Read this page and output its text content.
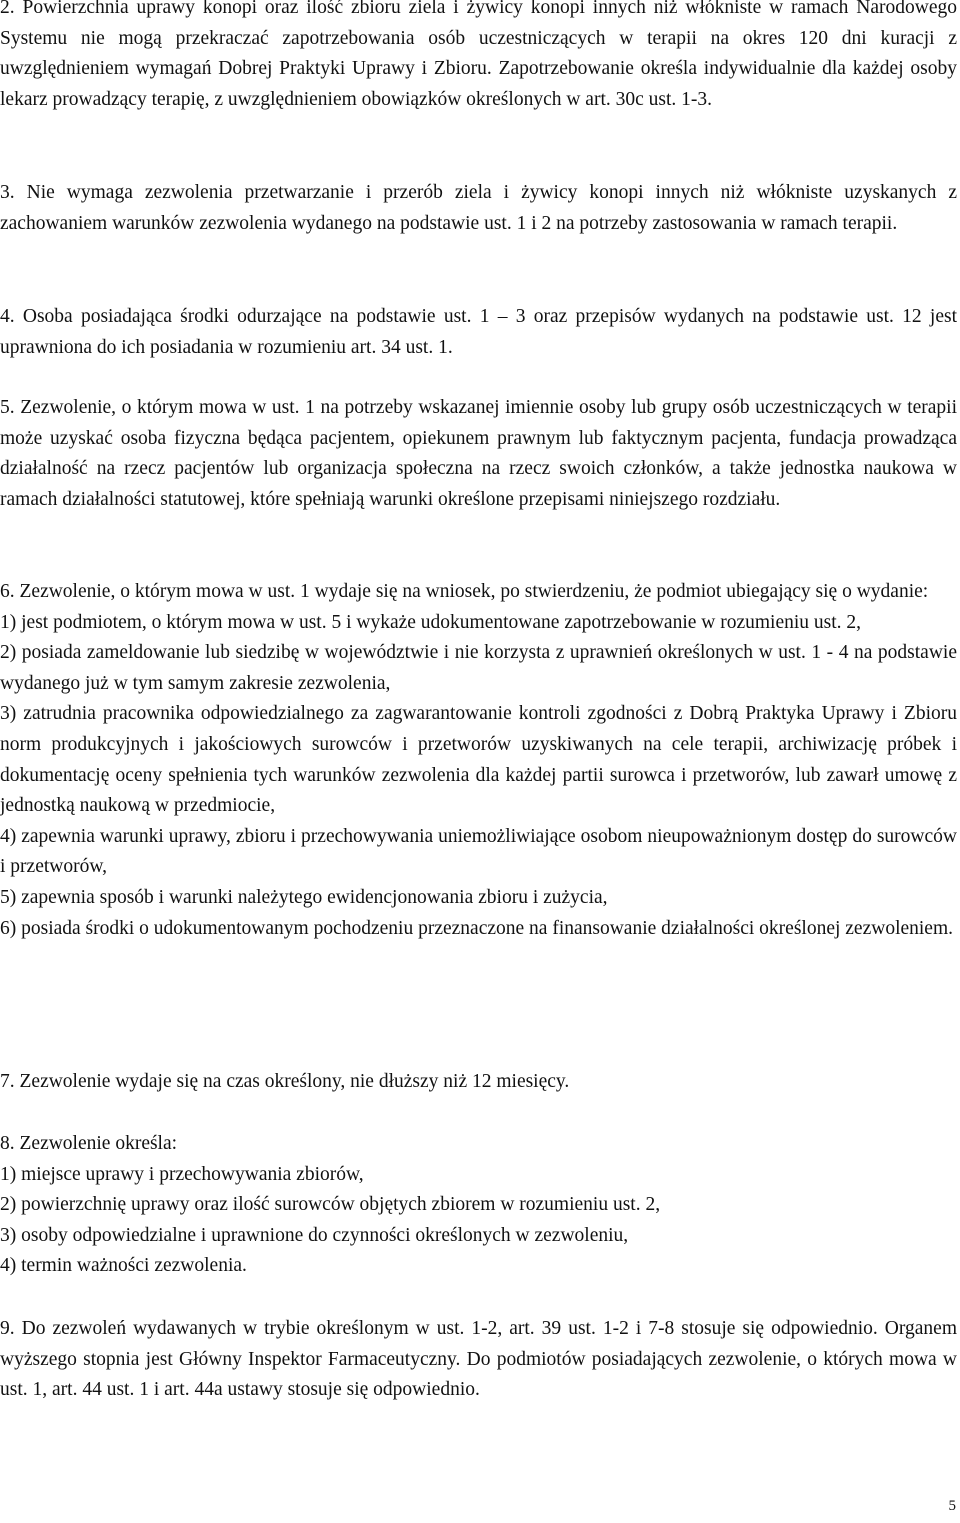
2. Powierzchnia uprawy konopi oraz ilość zbioru ziela i żywicy konopi innych niż włókniste w ramach Narodowego Systemu nie mogą przekraczać zapotrzebowania osób uczestniczących w terapii na okres 120 dni kuracji z uwzględnieniem wymagań Dobrej Praktyki Uprawy i Zbioru. Zapotrzebowanie określa indywidualnie dla każdej osoby lekarz prowadzący terapię, z uwzględnieniem obowiązków określonych w art. 30c ust. 1-3.

3. Nie wymaga zezwolenia przetwarzanie i przerób ziela i żywicy konopi innych niż włókniste uzyskanych z zachowaniem warunków zezwolenia wydanego na podstawie ust. 1 i 2 na potrzeby zastosowania w ramach terapii.

4. Osoba posiadająca środki odurzające na podstawie ust. 1 – 3 oraz przepisów wydanych na podstawie ust. 12 jest uprawniona do ich posiadania w rozumieniu art. 34 ust. 1.

5. Zezwolenie, o którym mowa w ust. 1 na potrzeby wskazanej imiennie osoby lub grupy osób uczestniczących w terapii może uzyskać osoba fizyczna będąca pacjentem, opiekunem prawnym lub faktycznym pacjenta, fundacja prowadząca działalność na rzecz pacjentów lub organizacja społeczna na rzecz swoich członków, a także jednostka naukowa w ramach działalności statutowej, które spełniają warunki określone przepisami niniejszego rozdziału.

6. Zezwolenie, o którym mowa w ust. 1 wydaje się na wniosek, po stwierdzeniu, że podmiot ubiegający się o wydanie:

1) jest podmiotem, o którym mowa w ust. 5 i wykaże udokumentowane zapotrzebowanie w rozumieniu ust. 2,

2) posiada zameldowanie lub siedzibę w województwie i nie korzysta z uprawnień określonych w ust. 1 - 4 na podstawie wydanego już w tym samym zakresie zezwolenia,

3) zatrudnia pracownika odpowiedzialnego za zagwarantowanie kontroli zgodności z Dobrą Praktyka Uprawy i Zbioru norm produkcyjnych i jakościowych surowców i przetworów uzyskiwanych na cele terapii, archiwizację próbek i dokumentację oceny spełnienia tych warunków zezwolenia dla każdej partii surowca i przetworów, lub zawarł umowę z jednostką naukową w przedmiocie,

4) zapewnia warunki uprawy, zbioru i przechowywania uniemożliwiające osobom nieupoważnionym dostęp do surowców i przetworów,

5) zapewnia sposób i warunki należytego ewidencjonowania zbioru i zużycia,

6) posiada środki o udokumentowanym pochodzeniu przeznaczone na finansowanie działalności określonej zezwoleniem.

7. Zezwolenie wydaje się na czas określony, nie dłuższy niż 12 miesięcy.

8. Zezwolenie określa:

1) miejsce uprawy i przechowywania zbiorów,

2) powierzchnię uprawy oraz ilość surowców objętych zbiorem w rozumieniu ust. 2,

3) osoby odpowiedzialne i uprawnione do czynności określonych w zezwoleniu,

4) termin ważności zezwolenia.

9. Do zezwoleń wydawanych w trybie określonym w ust. 1-2, art. 39 ust. 1-2 i 7-8 stosuje się odpowiednio. Organem wyższego stopnia jest Główny Inspektor Farmaceutyczny. Do podmiotów posiadających zezwolenie, o których mowa w ust. 1, art. 44 ust. 1 i art. 44a ustawy stosuje się odpowiednio.

5
